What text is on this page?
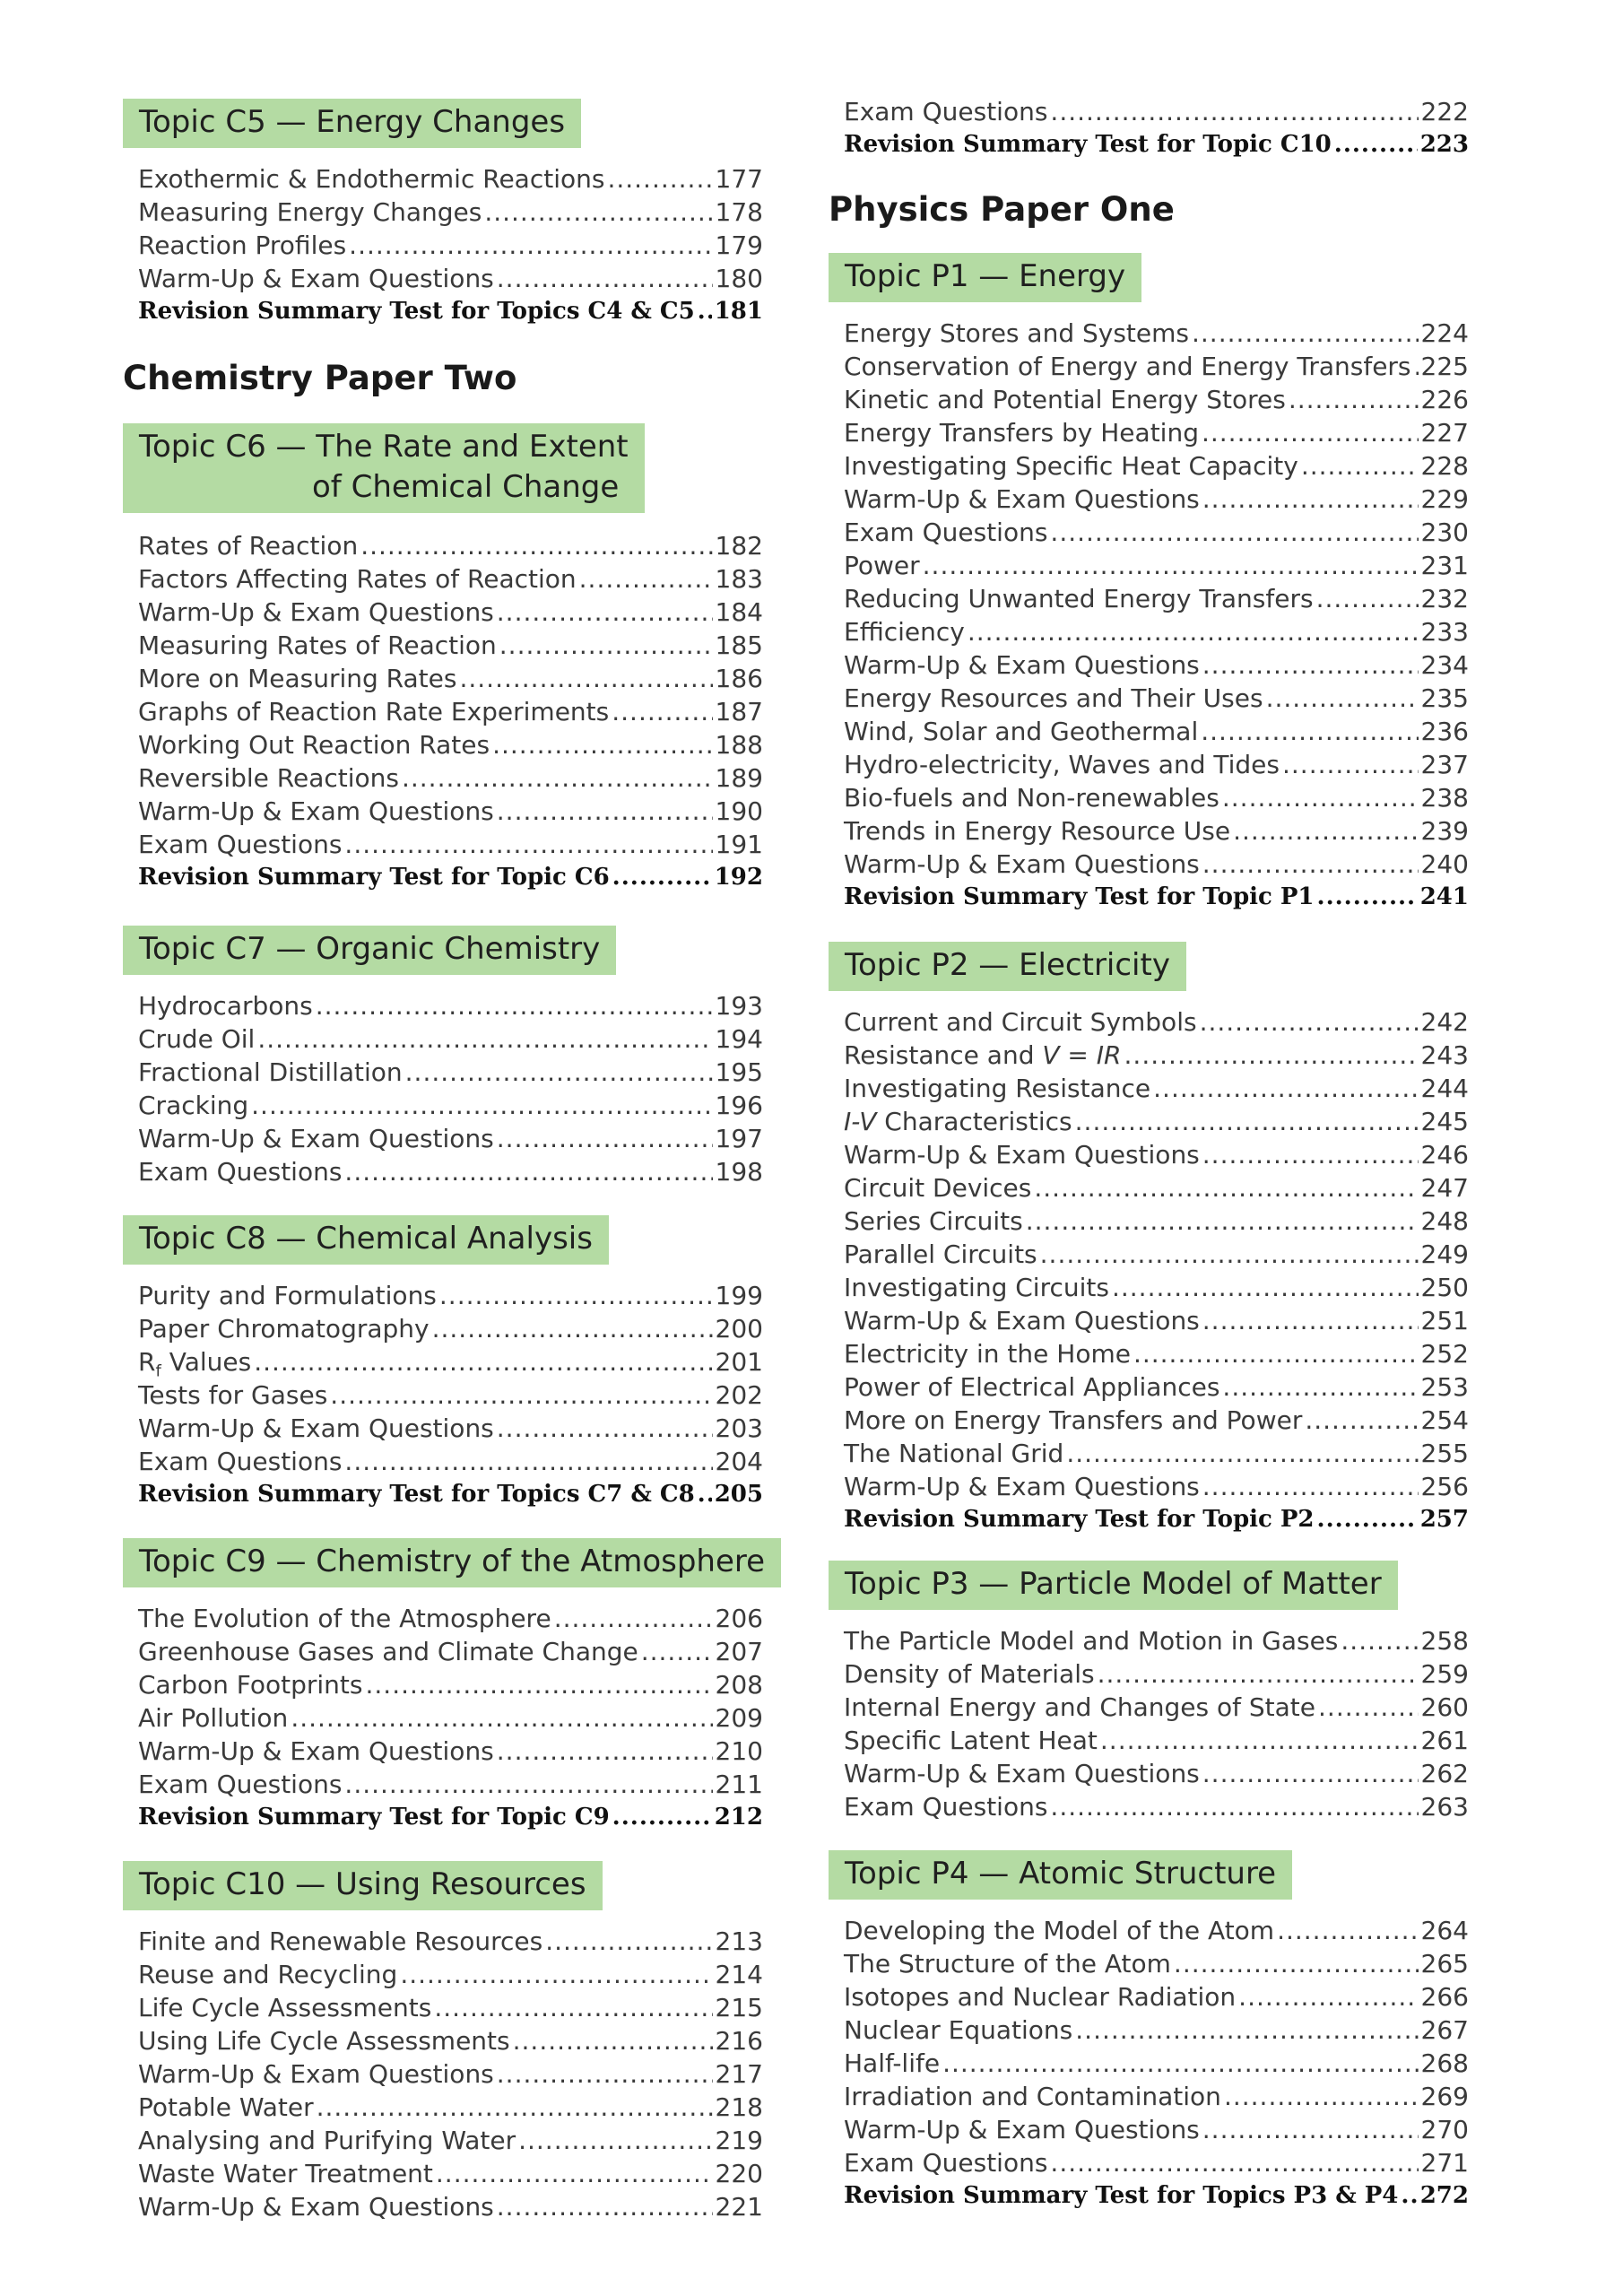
Topic C5 — Energy Changes
Exothermic & Endothermic Reactions .....	177
Measuring Energy Changes .....	178
Reaction Profiles .....	179
Warm-Up & Exam Questions .....	180
Revision Summary Test for Topics C4 & C5 ..... 181
Chemistry Paper Two
Topic C6 — The Rate and Extent
of Chemical Change
Rates of Reaction .....	182
Factors Affecting Rates of Reaction .....	183
Warm-Up & Exam Questions .....	184
Measuring Rates of Reaction .....	185
More on Measuring Rates .....	186
Graphs of Reaction Rate Experiments .....	187
Working Out Reaction Rates .....	188
Reversible Reactions .....	189
Warm-Up & Exam Questions .....	190
Exam Questions .....	191
Revision Summary Test for Topic C6 .....	192
Topic C7 — Organic Chemistry
Hydrocarbons .....	193
Crude Oil .....	194
Fractional Distillation .....	195
Cracking .....	196
Warm-Up & Exam Questions .....	197
Exam Questions .....	198
Topic C8 — Chemical Analysis
Purity and Formulations .....	199
Paper Chromatography .....	200
$R_f$ Values .....	201
Tests for Gases .....	202
Warm-Up & Exam Questions .....	203
Exam Questions .....	204
Revision Summary Test for Topics C7 & C8 ..... 205
Topic C9 — Chemistry of the Atmosphere
The Evolution of the Atmosphere .....	206
Greenhouse Gases and Climate Change .....	207
Carbon Footprints .....	208
Air Pollution .....	209
Warm-Up & Exam Questions .....	210
Exam Questions .....	211
Revision Summary Test for Topic C9 .....	212
Topic C10 — Using Resources
Finite and Renewable Resources .....	213
Reuse and Recycling .....	214
Life Cycle Assessments .....	215
Using Life Cycle Assessments .....	216
Warm-Up & Exam Questions .....	217
Potable Water .....	218
Analysing and Purifying Water .....	219
Waste Water Treatment .....	220
Warm-Up & Exam Questions .....	221
Exam Questions .....	222
Revision Summary Test for Topic C10 .....	223
Physics Paper One
Topic P1 — Energy
Energy Stores and Systems .....	224
Conservation of Energy and Energy Transfers ..... 225
Kinetic and Potential Energy Stores .....	226
Energy Transfers by Heating .....	227
Investigating Specific Heat Capacity .....	228
Warm-Up & Exam Questions .....	229
Exam Questions .....	230
Power .....	231
Reducing Unwanted Energy Transfers .....	232
Efficiency .....	233
Warm-Up & Exam Questions .....	234
Energy Resources and Their Uses .....	235
Wind, Solar and Geothermal .....	236
Hydro-electricity, Waves and Tides .....	237
Bio-fuels and Non-renewables .....	238
Trends in Energy Resource Use .....	239
Warm-Up & Exam Questions .....	240
Revision Summary Test for Topic P1 .....	241
Topic P2 — Electricity
Current and Circuit Symbols .....	242
Resistance and V = IR .....	243
Investigating Resistance .....	244
I-V Characteristics .....	245
Warm-Up & Exam Questions .....	246
Circuit Devices .....	247
Series Circuits .....	248
Parallel Circuits .....	249
Investigating Circuits .....	250
Warm-Up & Exam Questions .....	251
Electricity in the Home .....	252
Power of Electrical Appliances .....	253
More on Energy Transfers and Power .....	254
The National Grid .....	255
Warm-Up & Exam Questions .....	256
Revision Summary Test for Topic P2 .....	257
Topic P3 — Particle Model of Matter
The Particle Model and Motion in Gases .....	258
Density of Materials .....	259
Internal Energy and Changes of State .....	260
Specific Latent Heat .....	261
Warm-Up & Exam Questions .....	262
Exam Questions .....	263
Topic P4 — Atomic Structure
Developing the Model of the Atom .....	264
The Structure of the Atom .....	265
Isotopes and Nuclear Radiation .....	266
Nuclear Equations .....	267
Half-life .....	268
Irradiation and Contamination .....	269
Warm-Up & Exam Questions .....	270
Exam Questions .....	271
Revision Summary Test for Topics P3 & P4 ..... 272
